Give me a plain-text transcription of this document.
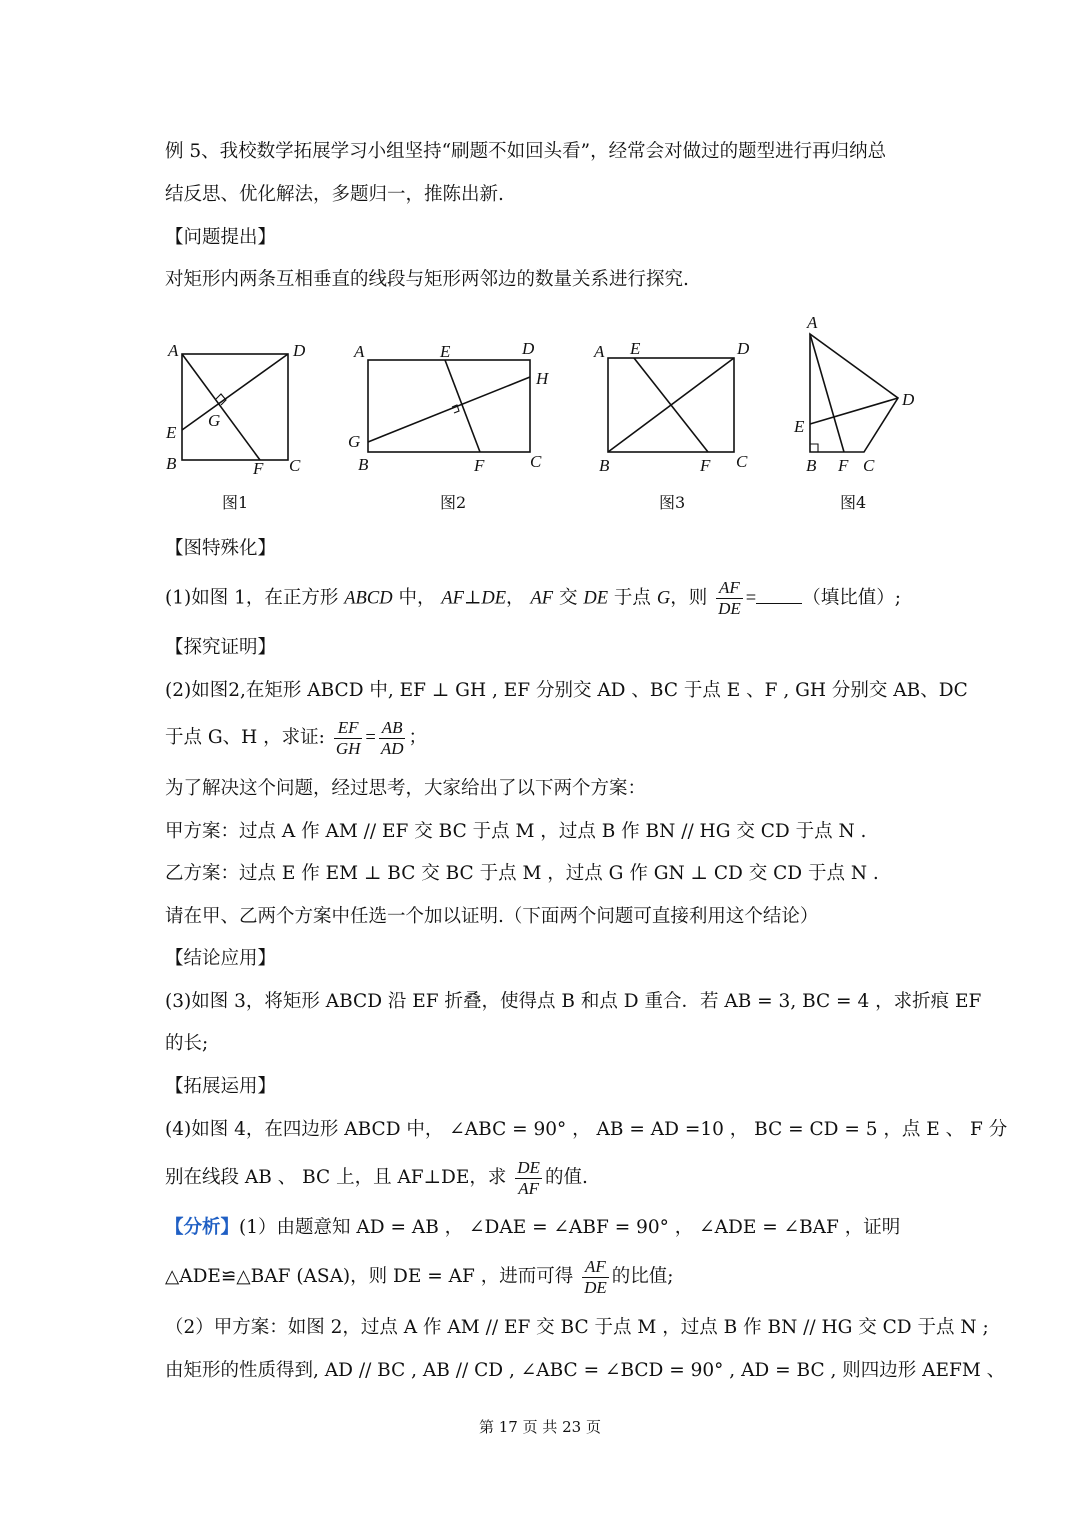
例 5、我校数学拓展学习小组坚持“刷题不如回头看”，经常会对做过的题型进行再归纳总
结反思、优化解法，多题归一，推陈出新.
【问题提出】
对矩形内两条互相垂直的线段与矩形两邻边的数量关系进行探究.
A	D
E
G
B	F C
图1
A	E	D
H
G
B	F	C
图2
A E	D
B	F C
图3
A
D
E
B F C
图4
【图特殊化】
(1)如图 1，在正方形 ABCD 中， AF⊥DE， AF 交 DE 于点 G，则 $\frac{AF}{DE}$ = （填比值）;
【探究证明】
(2)如图2,在矩形 ABCD 中, EF ⊥ GH , EF 分别交 AD 、BC 于点 E 、F , GH 分别交 AB、DC
于点 G、H ，求证: $\frac{EF}{GH} = \frac{AB}{AD}$ ；
为了解决这个问题，经过思考，大家给出了以下两个方案：
甲方案：过点 A 作 AM // EF 交 BC 于点 M ，过点 B 作 BN // HG 交 CD 于点 N .
乙方案：过点 E 作 EM ⊥ BC 交 BC 于点 M ，过点 G 作 GN ⊥ CD 交 CD 于点 N .
请在甲、乙两个方案中任选一个加以证明.（下面两个问题可直接利用这个结论）
【结论应用】
(3)如图 3，将矩形 ABCD 沿 EF 折叠，使得点 B 和点 D 重合．若 AB = 3, BC = 4 ，求折痕 EF
的长;
【拓展运用】
(4)如图 4，在四边形 ABCD 中， ∠ABC = 90° ， AB = AD =10 ， BC = CD = 5 ，点 E 、 F 分
别在线段 AB 、 BC 上，且 AF⊥DE，求 $\frac{DE}{AF}$ 的值.
【分析】(1）由题意知 AD = AB ， ∠DAE = ∠ABF = 90° ， ∠ADE = ∠BAF ，证明
△ADE≌△BAF (ASA)，则 DE = AF ，进而可得 $\frac{AF}{DE}$ 的比值;
（2）甲方案：如图 2，过点 A 作 AM // EF 交 BC 于点 M ，过点 B 作 BN // HG 交 CD 于点 N ;
由矩形的性质得到, AD // BC , AB // CD , ∠ABC = ∠BCD = 90° , AD = BC , 则四边形 AEFM 、
第 17 页 共 23 页
